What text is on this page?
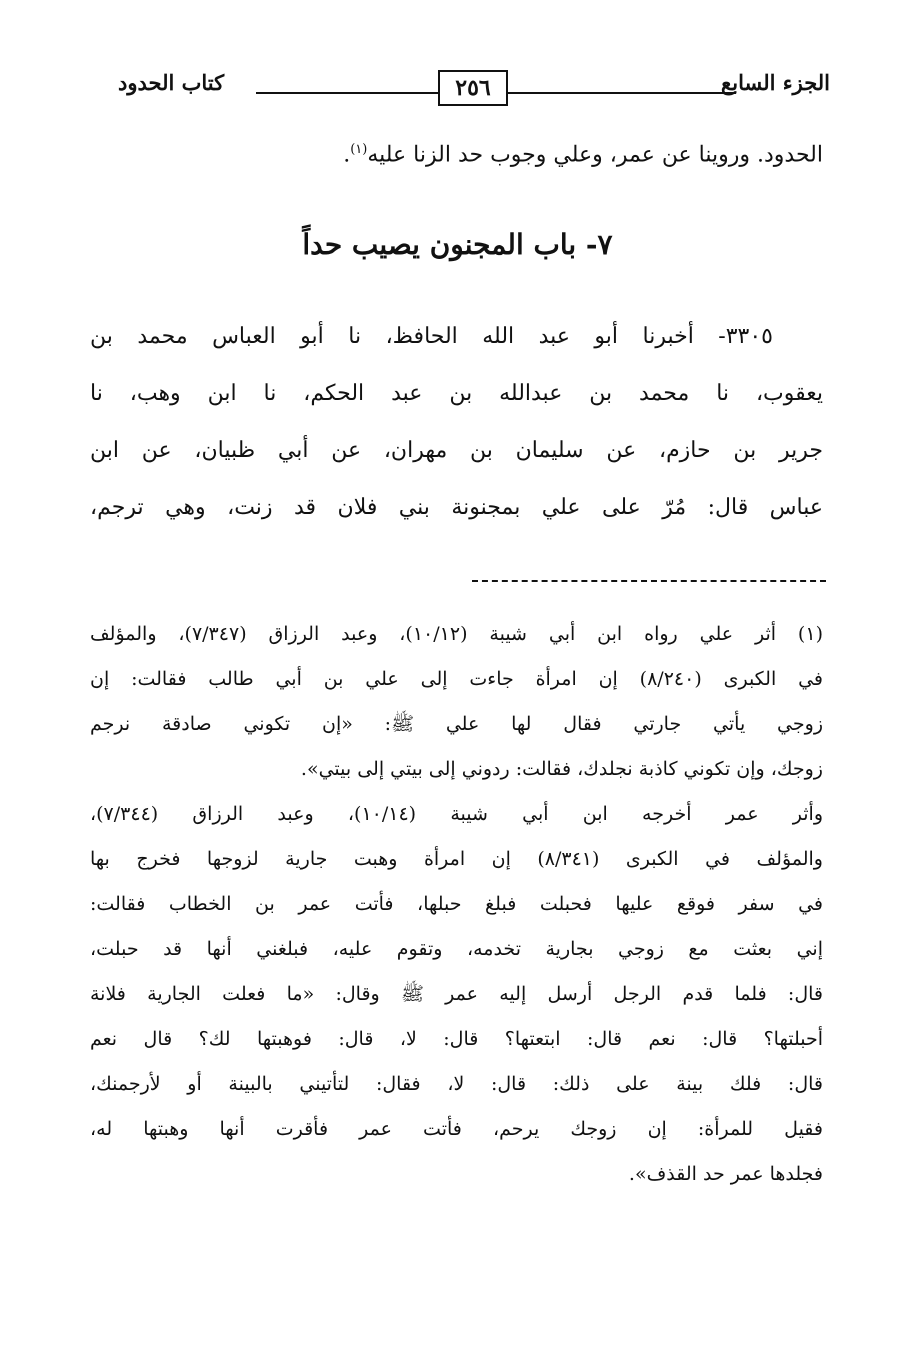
الجزء السابع
٢٥٦
كتاب الحدود
الحدود. وروينا عن عمر، وعلي وجوب حد الزنا عليه$^{(١)}$.
٧- باب المجنون يصيب حداً
٣٣٠٥- أخبرنا أبو عبد الله الحافظ، نا أبو العباس محمد بن
يعقوب، نا محمد بن عبدالله بن عبد الحكم، نا ابن وهب، نا
جرير بن حازم، عن سليمان بن مهران، عن أبي ظبيان، عن ابن
عباس قال: مُرّ على علي بمجنونة بني فلان قد زنت، وهي ترجم،
(١) أثر علي رواه ابن أبي شيبة (١٠/١٢)، وعبد الرزاق (٧/٣٤٧)، والمؤلف
في الكبرى (٨/٢٤٠) إن امرأة جاءت إلى علي بن أبي طالب فقالت: إن
زوجي يأتي جارتي فقال لها علي ﷺ: «إن تكوني صادقة نرجم
زوجك، وإن تكوني كاذبة نجلدك، فقالت: ردوني إلى بيتي إلى بيتي».
وأثر عمر أخرجه ابن أبي شيبة (١٠/١٤)، وعبد الرزاق (٧/٣٤٤)،
والمؤلف في الكبرى (٨/٣٤١) إن امرأة وهبت جارية لزوجها فخرج بها
في سفر فوقع عليها فحبلت فبلغ حبلها، فأتت عمر بن الخطاب فقالت:
إني بعثت مع زوجي بجارية تخدمه، وتقوم عليه، فبلغني أنها قد حبلت،
قال: فلما قدم الرجل أرسل إليه عمر ﷺ وقال: «ما فعلت الجارية فلانة
أحبلتها؟ قال: نعم قال: ابتعتها؟ قال: لا، قال: فوهبتها لك؟ قال نعم
قال: فلك بينة على ذلك: قال: لا، فقال: لتأتيني بالبينة أو لأرجمنك،
فقيل للمرأة: إن زوجك يرحم، فأتت عمر فأقرت أنها وهبتها له،
فجلدها عمر حد القذف».
